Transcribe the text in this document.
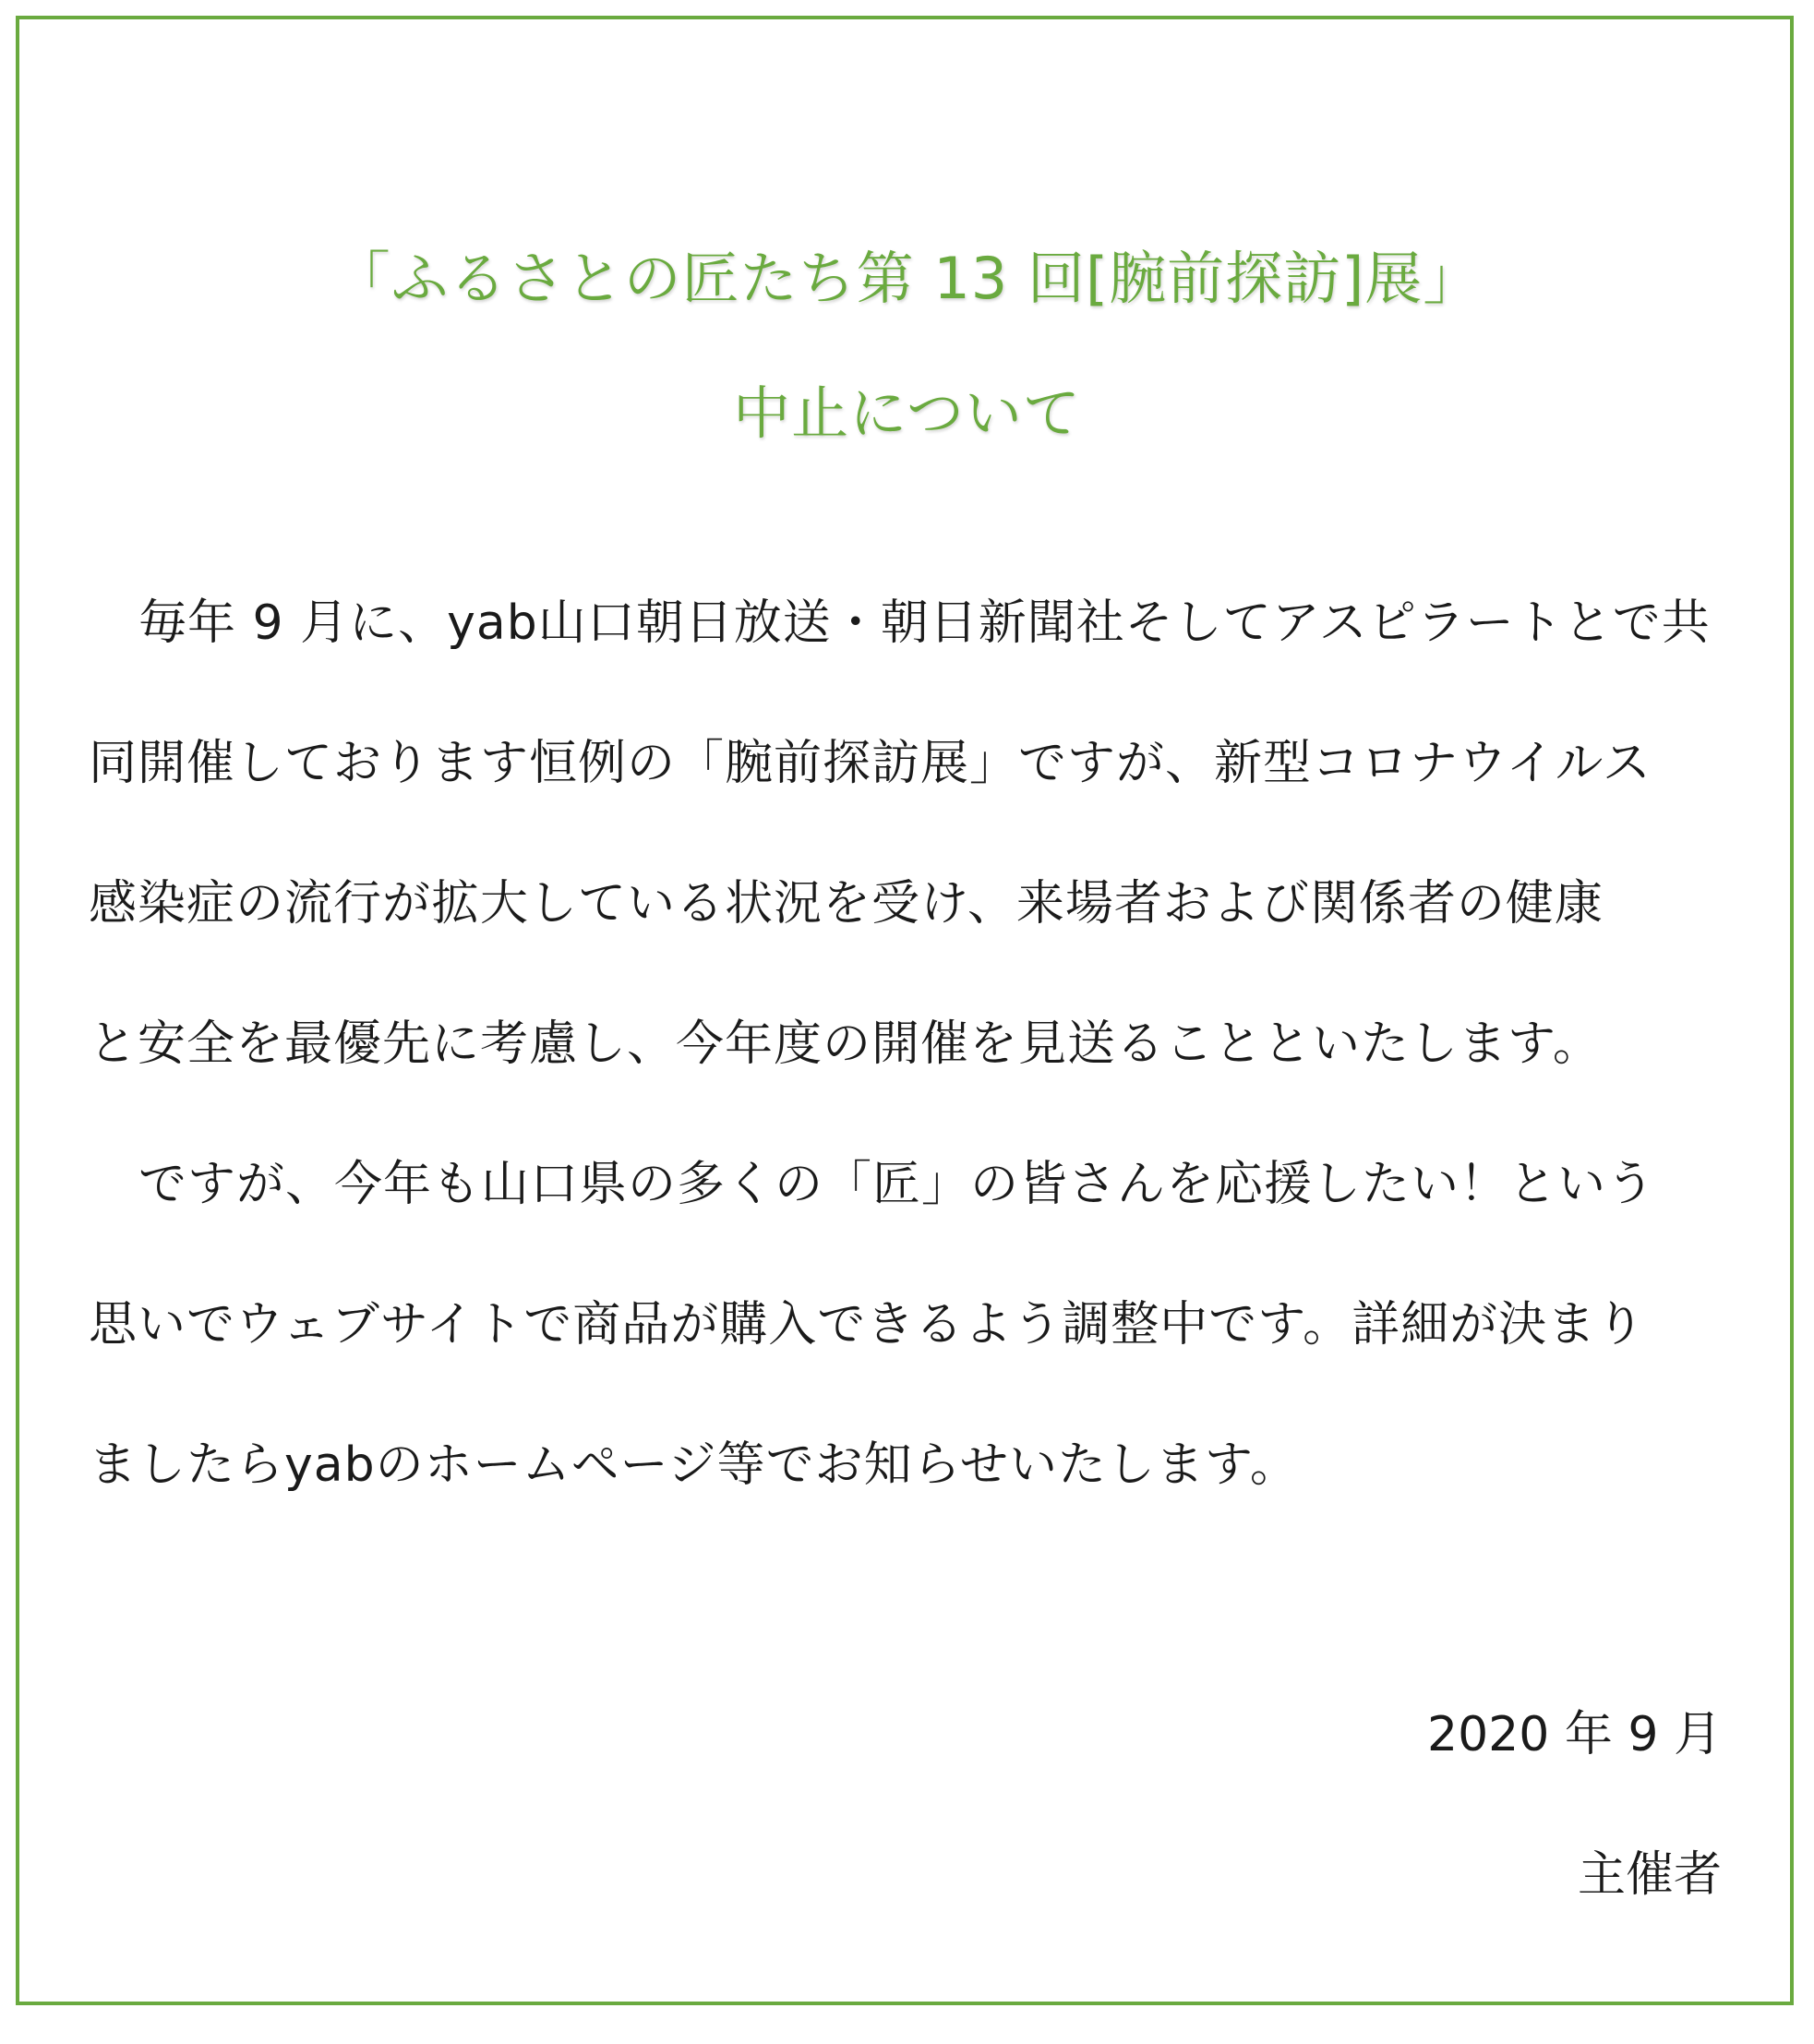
「ふるさとの匠たち第 13 回[腕前探訪]展」
中止について
毎年 9 月に、yab山口朝日放送・朝日新聞社そしてアスピラートとで共
同開催しております恒例の「腕前探訪展」ですが、新型コロナウイルス
感染症の流行が拡大している状況を受け、来場者および関係者の健康
と安全を最優先に考慮し、今年度の開催を見送ることといたします。
ですが、今年も山口県の多くの「匠」の皆さんを応援したい！という
思いでウェブサイトで商品が購入できるよう調整中です。詳細が決まり
ましたらyabのホームページ等でお知らせいたします。
2020 年 9 月
主催者
